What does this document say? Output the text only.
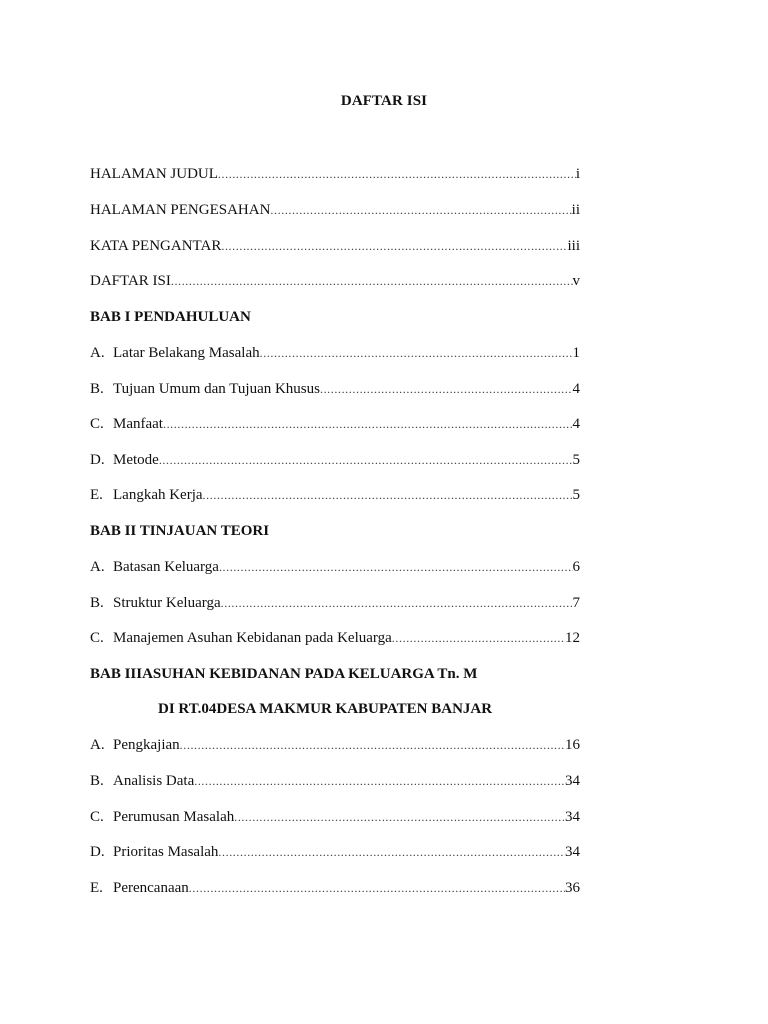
DAFTAR ISI
HALAMAN JUDUL .....	i
HALAMAN PENGESAHAN .....	ii
KATA PENGANTAR .....	iii
DAFTAR ISI .....	v
BAB I PENDAHULUAN
A. Latar Belakang Masalah .....	1
B. Tujuan Umum dan Tujuan Khusus .....	4
C. Manfaat .....	4
D. Metode .....	5
E. Langkah Kerja .....	5
BAB II TINJAUAN TEORI
A. Batasan Keluarga .....	6
B. Struktur Keluarga .....	7
C. Manajemen Asuhan Kebidanan pada Keluarga .....	12
BAB IIIASUHAN KEBIDANAN PADA KELUARGA Tn. M
DI RT.04DESA MAKMUR KABUPATEN BANJAR
A. Pengkajian .....	16
B. Analisis Data .....	34
C. Perumusan Masalah .....	34
D. Prioritas Masalah .....	34
E. Perencanaan .....	36
